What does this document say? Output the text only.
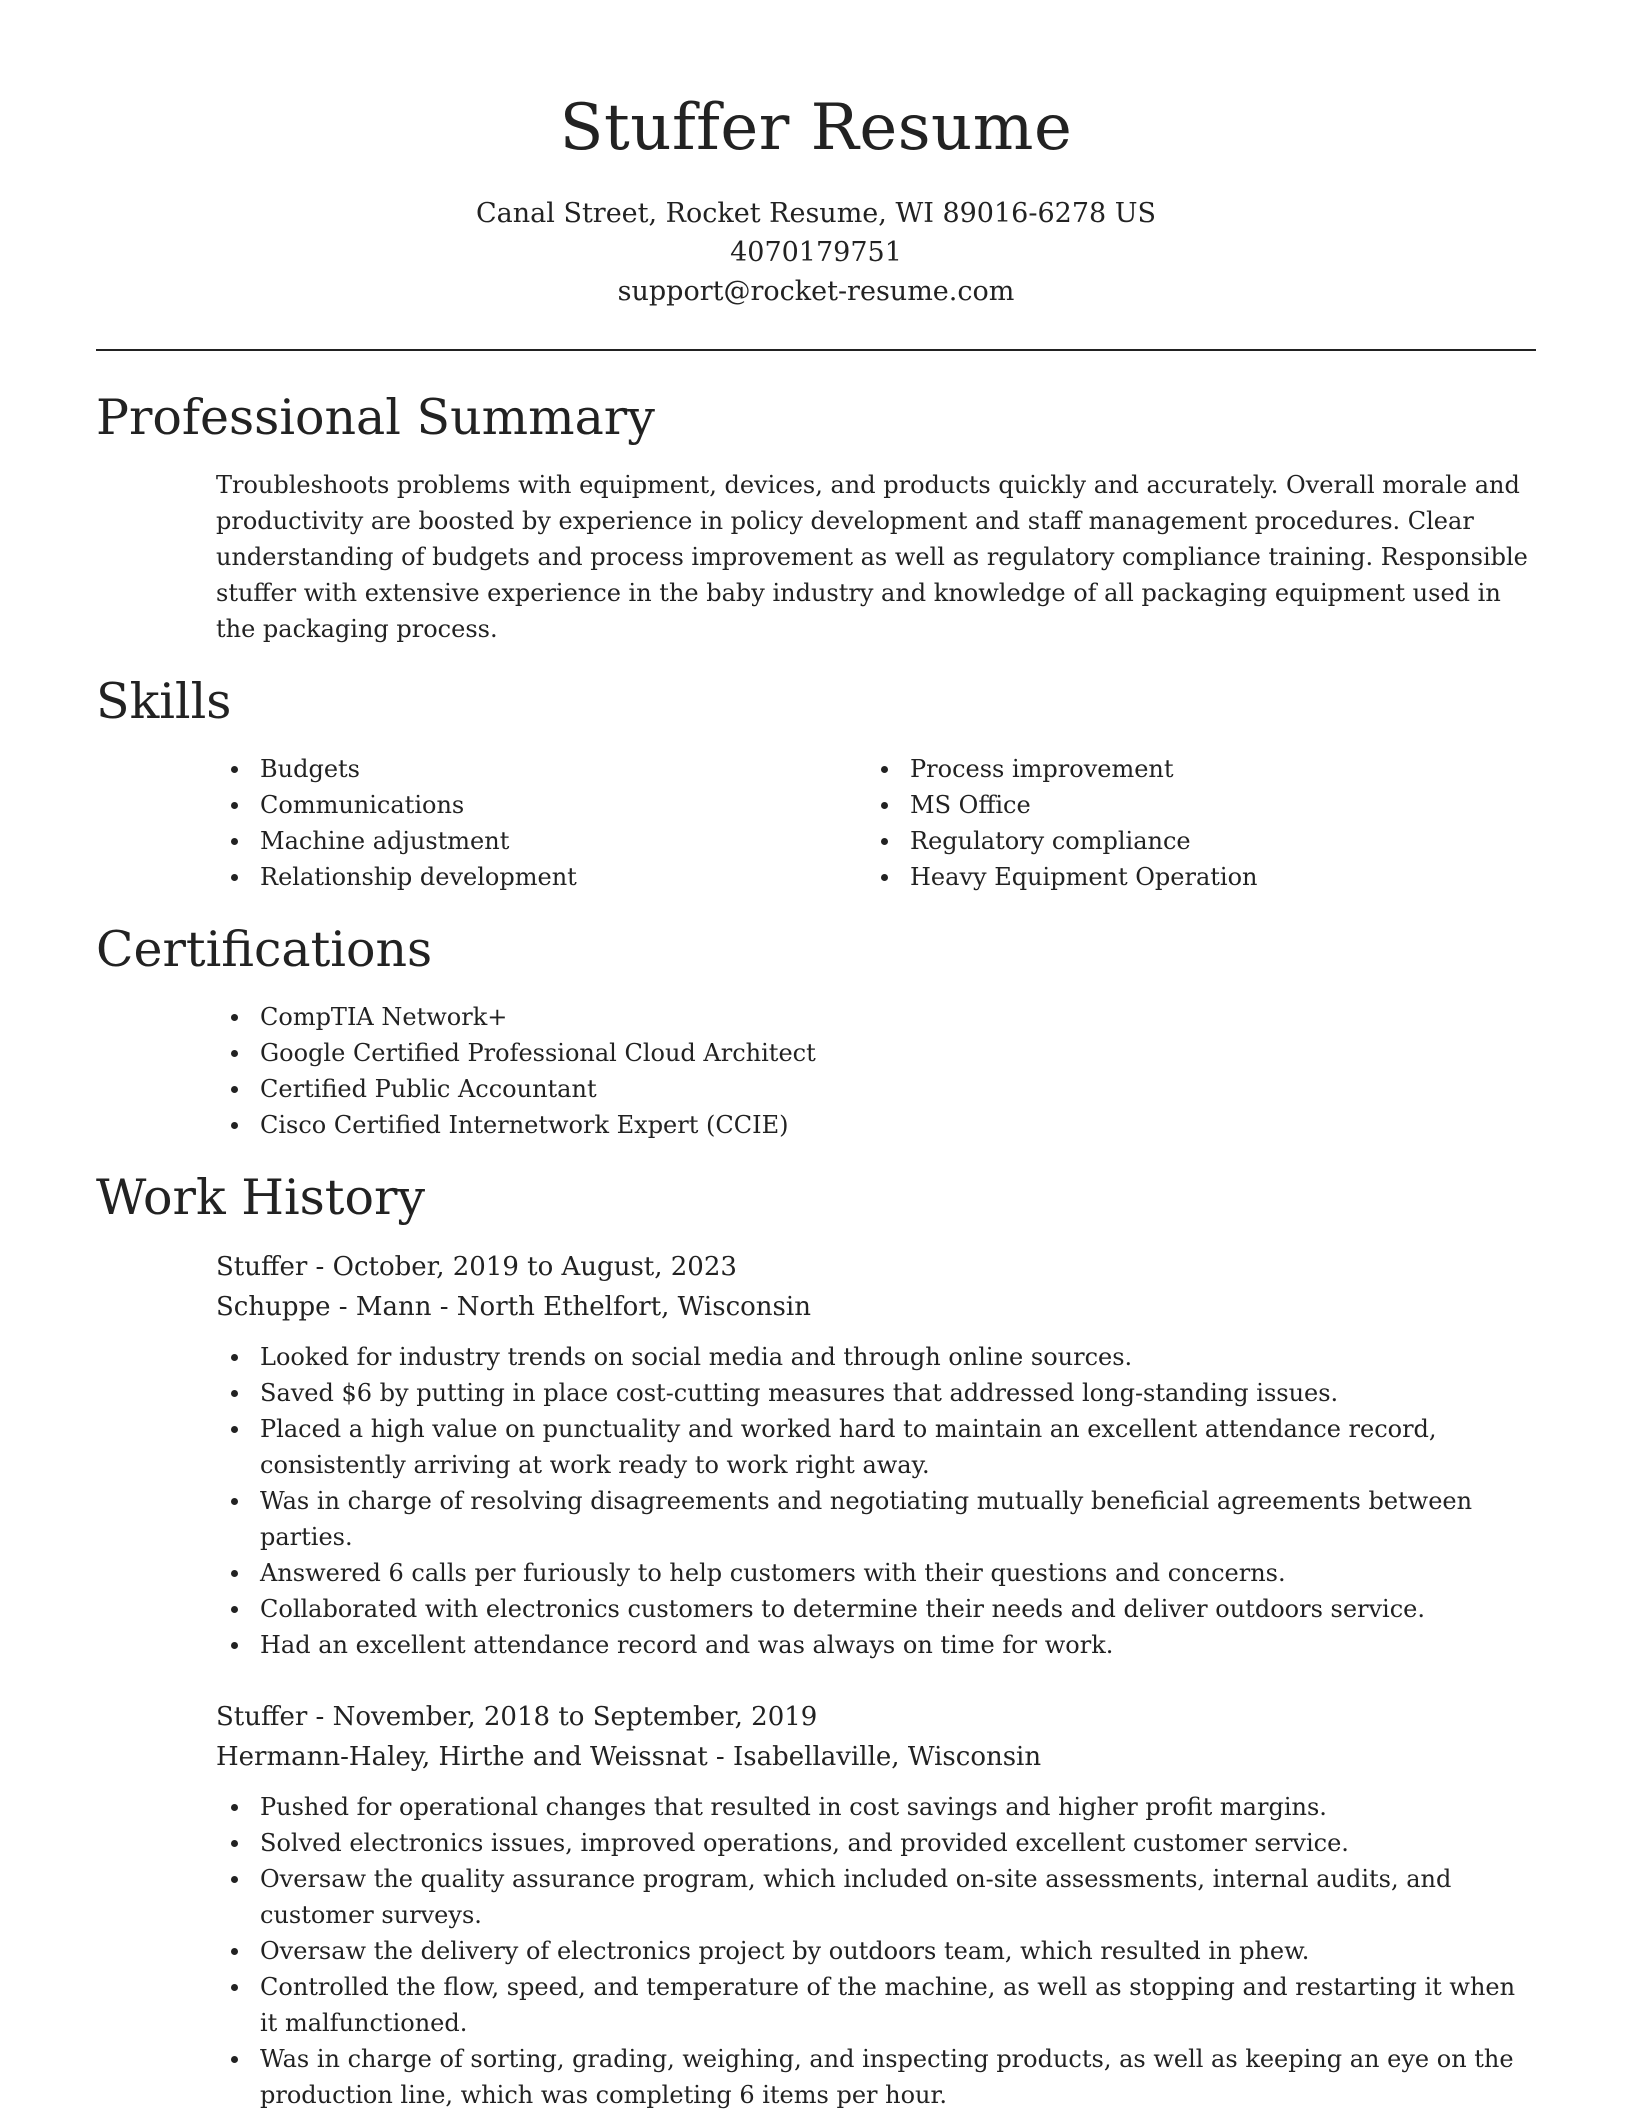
Stuffer Resume
Canal Street, Rocket Resume, WI 89016-6278 US
4070179751
support@rocket-resume.com
Professional Summary

Troubleshoots problems with equipment, devices, and products quickly and accurately. Overall morale and productivity are boosted by experience in policy development and staff management procedures. Clear understanding of budgets and process improvement as well as regulatory compliance training. Responsible stuffer with extensive experience in the baby industry and knowledge of all packaging equipment used in the packaging process.

Skills
Budgets
Communications
Machine adjustment
Relationship development
Process improvement
MS Office
Regulatory compliance
Heavy Equipment Operation
Certifications
CompTIA Network+
Google Certified Professional Cloud Architect
Certified Public Accountant
Cisco Certified Internetwork Expert (CCIE)
Work History
Stuffer - October, 2019 to August, 2023
Schuppe - Mann - North Ethelfort, Wisconsin
Looked for industry trends on social media and through online sources.
Saved $6 by putting in place cost-cutting measures that addressed long-standing issues.
Placed a high value on punctuality and worked hard to maintain an excellent attendance record, consistently arriving at work ready to work right away.
Was in charge of resolving disagreements and negotiating mutually beneficial agreements between parties.
Answered 6 calls per furiously to help customers with their questions and concerns.
Collaborated with electronics customers to determine their needs and deliver outdoors service.
Had an excellent attendance record and was always on time for work.
Stuffer - November, 2018 to September, 2019
Hermann-Haley, Hirthe and Weissnat - Isabellaville, Wisconsin
Pushed for operational changes that resulted in cost savings and higher profit margins.
Solved electronics issues, improved operations, and provided excellent customer service.
Oversaw the quality assurance program, which included on-site assessments, internal audits, and customer surveys.
Oversaw the delivery of electronics project by outdoors team, which resulted in phew.
Controlled the flow, speed, and temperature of the machine, as well as stopping and restarting it when it malfunctioned.
Was in charge of sorting, grading, weighing, and inspecting products, as well as keeping an eye on the production line, which was completing 6 items per hour.
